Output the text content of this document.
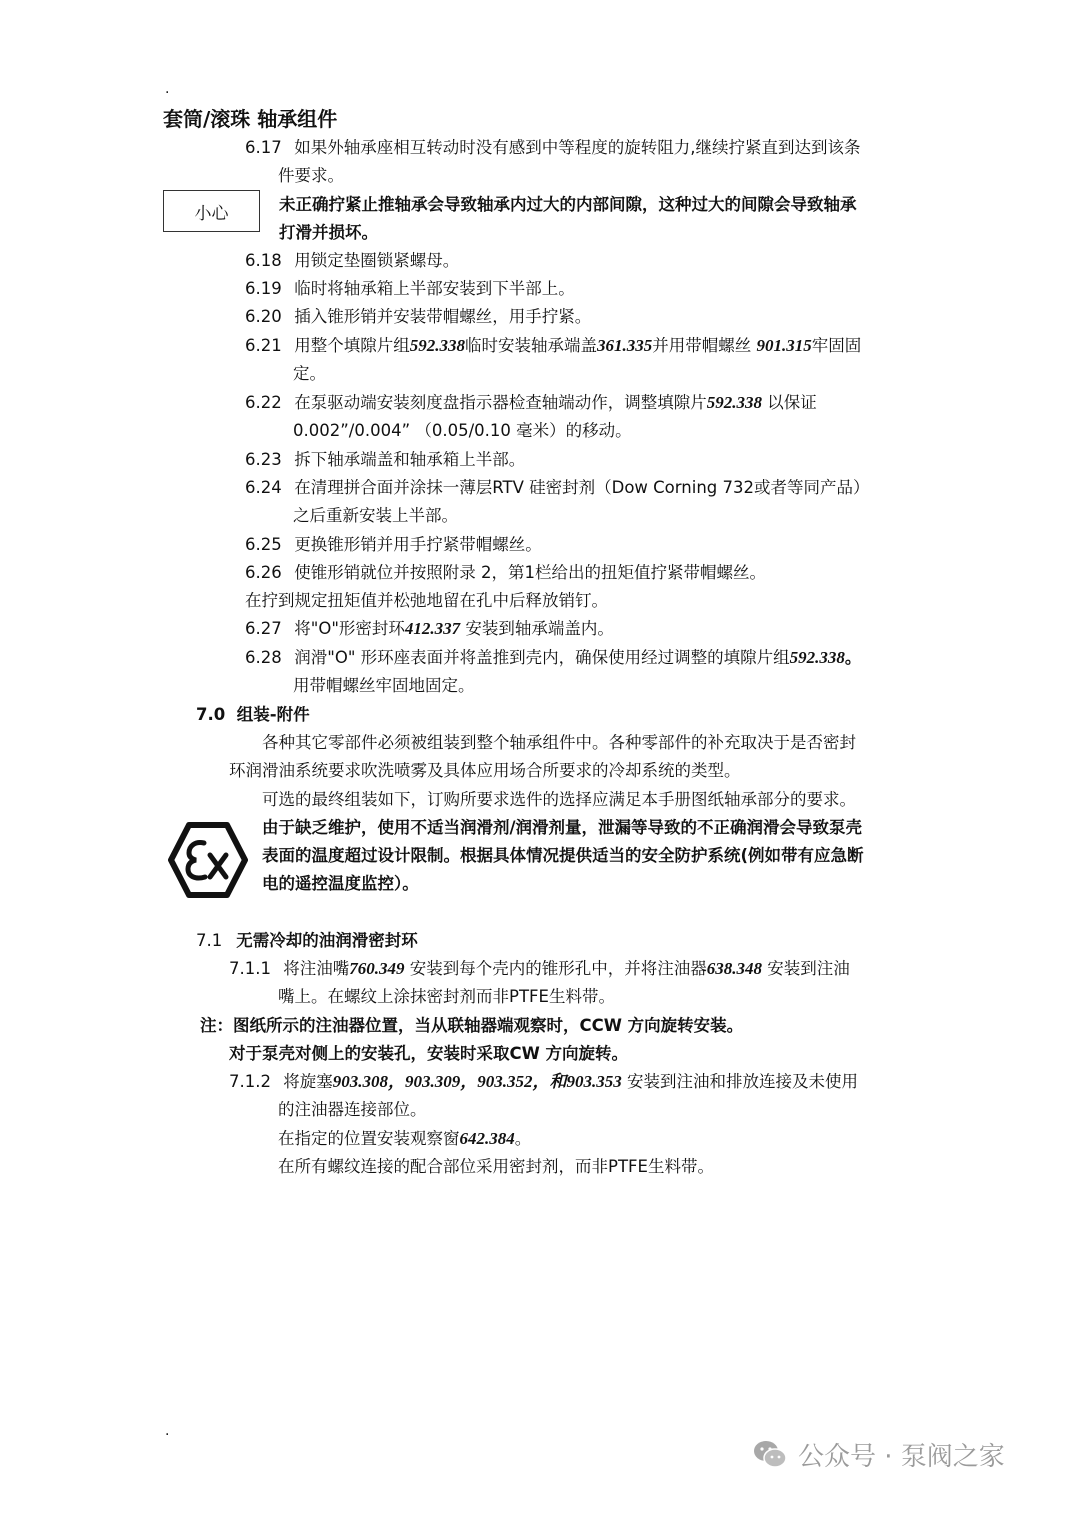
.
套筒/滚珠 轴承组件
6.17 如果外轴承座相互转动时没有感到中等程度的旋转阻力,继续拧紧直到达到该条
件要求。
小心	未正确拧紧止推轴承会导致轴承内过大的内部间隙，这种过大的间隙会导致轴承
打滑并损坏。
6.18 用锁定垫圈锁紧螺母。
6.19 临时将轴承箱上半部安装到下半部上。
6.20 插入锥形销并安装带帽螺丝，用手拧紧。
6.21 用整个填隙片组592.338临时安装轴承端盖361.335并用带帽螺丝 901.315牢固固
定。
6.22 在泵驱动端安装刻度盘指示器检查轴端动作，调整填隙片592.338 以保证
0.002”/0.004” （0.05/0.10 毫米）的移动。
6.23 拆下轴承端盖和轴承箱上半部。
6.24 在清理拼合面并涂抹一薄层RTV 硅密封剂（Dow Corning 732或者等同产品）
之后重新安装上半部。
6.25 更换锥形销并用手拧紧带帽螺丝。
6.26 使锥形销就位并按照附录 2，第1栏给出的扭矩值拧紧带帽螺丝。
在拧到规定扭矩值并松弛地留在孔中后释放销钉。
6.27 将"O"形密封环412.337 安装到轴承端盖内。
6.28 润滑"O" 形环座表面并将盖推到壳内，确保使用经过调整的填隙片组592.338。
用带帽螺丝牢固地固定。
7.0 组装-附件
各种其它零部件必须被组装到整个轴承组件中。各种零部件的补充取决于是否密封
环润滑油系统要求吹洗喷雾及具体应用场合所要求的冷却系统的类型。
可选的最终组装如下，订购所要求选件的选择应满足本手册图纸轴承部分的要求。
由于缺乏维护，使用不适当润滑剂/润滑剂量，泄漏等导致的不正确润滑会导致泵壳
表面的温度超过设计限制。根据具体情况提供适当的安全防护系统(例如带有应急断
电的遥控温度监控）。
7.1 无需冷却的油润滑密封环
7.1.1 将注油嘴760.349 安装到每个壳内的锥形孔中，并将注油器638.348 安装到注油
嘴上。在螺纹上涂抹密封剂而非PTFE生料带。
注：图纸所示的注油器位置，当从联轴器端观察时，CCW 方向旋转安装。
对于泵壳对侧上的安装孔，安装时采取CW 方向旋转。
7.1.2 将旋塞903.308，903.309，903.352，和903.353 安装到注油和排放连接及未使用
的注油器连接部位。
在指定的位置安装观察窗642.384。
在所有螺纹连接的配合部位采用密封剂，而非PTFE生料带。
.
公众号 · 泵阀之家
